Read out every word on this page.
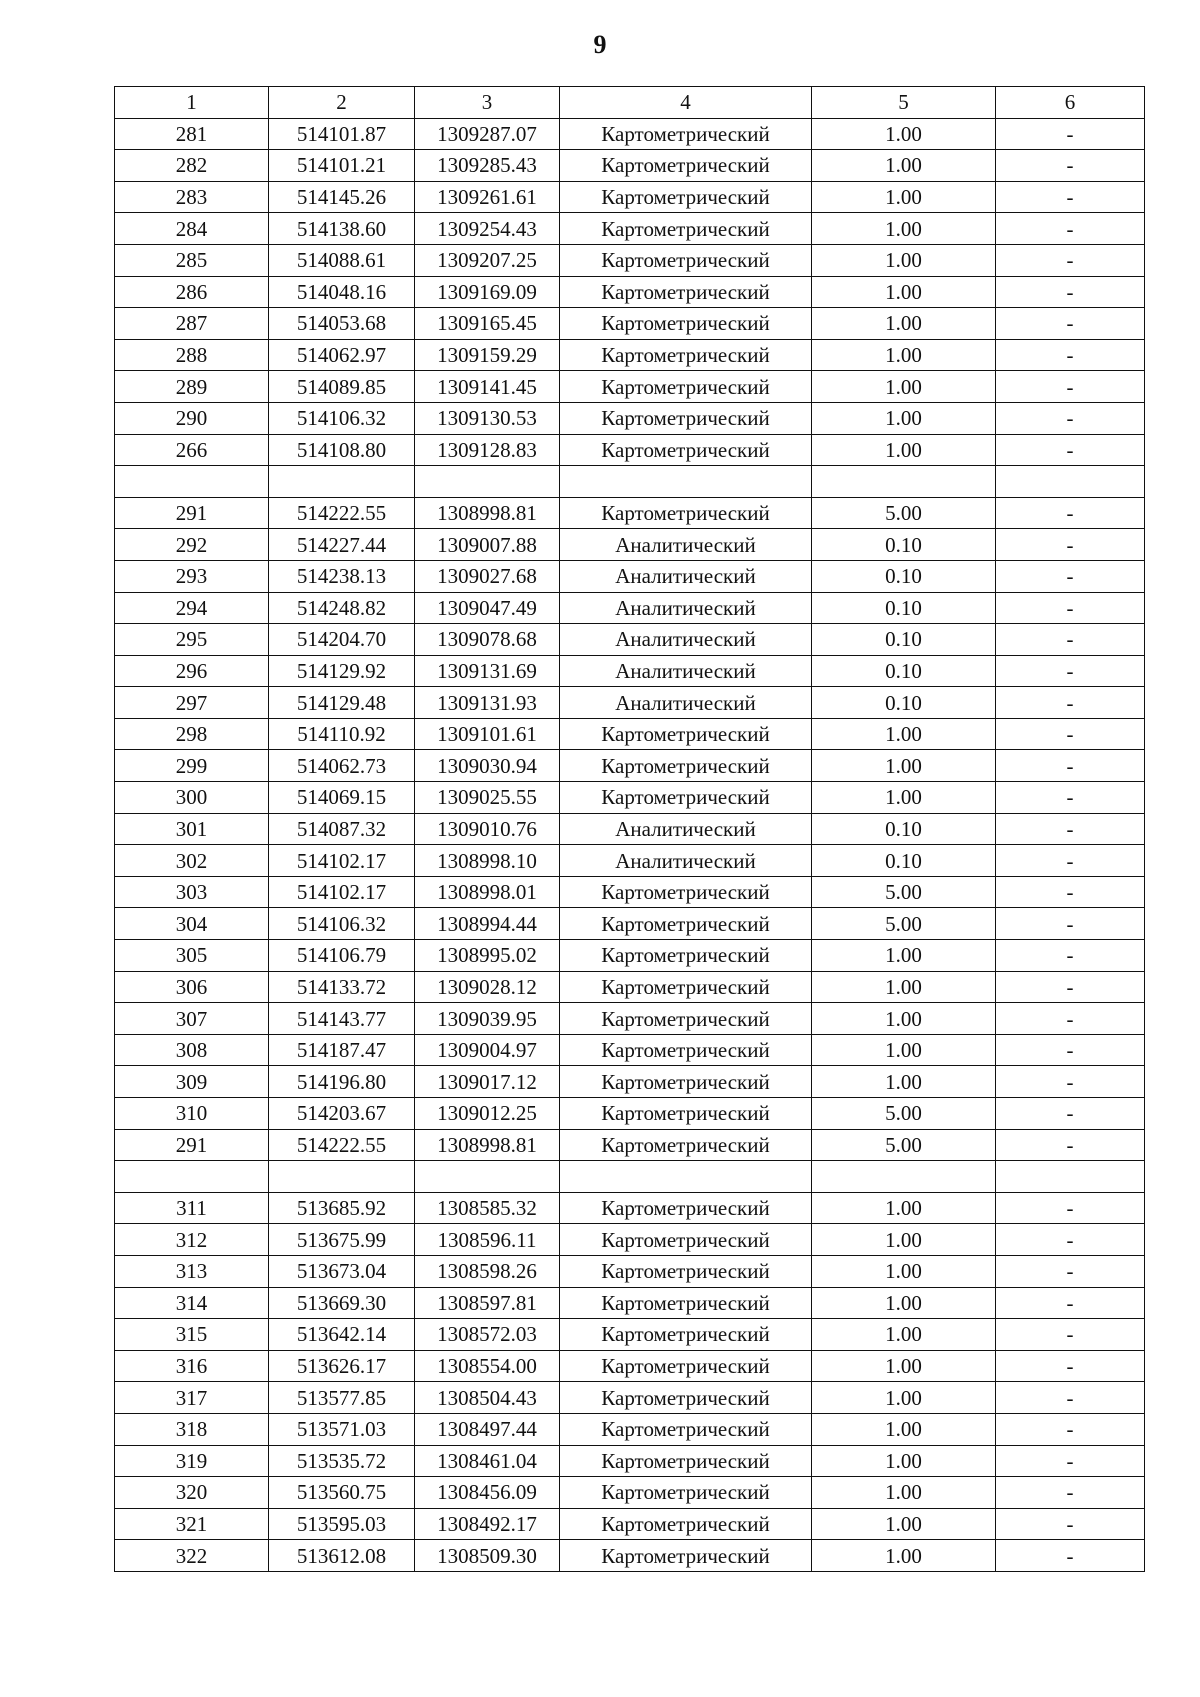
9
1	2	3	4	5	6
281	514101.87	1309287.07	Картометрический	1.00	-
282	514101.21	1309285.43	Картометрический	1.00	-
283	514145.26	1309261.61	Картометрический	1.00	-
284	514138.60	1309254.43	Картометрический	1.00	-
285	514088.61	1309207.25	Картометрический	1.00	-
286	514048.16	1309169.09	Картометрический	1.00	-
287	514053.68	1309165.45	Картометрический	1.00	-
288	514062.97	1309159.29	Картометрический	1.00	-
289	514089.85	1309141.45	Картометрический	1.00	-
290	514106.32	1309130.53	Картометрический	1.00	-
266	514108.80	1309128.83	Картометрический	1.00	-

291	514222.55	1308998.81	Картометрический	5.00	-
292	514227.44	1309007.88	Аналитический	0.10	-
293	514238.13	1309027.68	Аналитический	0.10	-
294	514248.82	1309047.49	Аналитический	0.10	-
295	514204.70	1309078.68	Аналитический	0.10	-
296	514129.92	1309131.69	Аналитический	0.10	-
297	514129.48	1309131.93	Аналитический	0.10	-
298	514110.92	1309101.61	Картометрический	1.00	-
299	514062.73	1309030.94	Картометрический	1.00	-
300	514069.15	1309025.55	Картометрический	1.00	-
301	514087.32	1309010.76	Аналитический	0.10	-
302	514102.17	1308998.10	Аналитический	0.10	-
303	514102.17	1308998.01	Картометрический	5.00	-
304	514106.32	1308994.44	Картометрический	5.00	-
305	514106.79	1308995.02	Картометрический	1.00	-
306	514133.72	1309028.12	Картометрический	1.00	-
307	514143.77	1309039.95	Картометрический	1.00	-
308	514187.47	1309004.97	Картометрический	1.00	-
309	514196.80	1309017.12	Картометрический	1.00	-
310	514203.67	1309012.25	Картометрический	5.00	-
291	514222.55	1308998.81	Картометрический	5.00	-

311	513685.92	1308585.32	Картометрический	1.00	-
312	513675.99	1308596.11	Картометрический	1.00	-
313	513673.04	1308598.26	Картометрический	1.00	-
314	513669.30	1308597.81	Картометрический	1.00	-
315	513642.14	1308572.03	Картометрический	1.00	-
316	513626.17	1308554.00	Картометрический	1.00	-
317	513577.85	1308504.43	Картометрический	1.00	-
318	513571.03	1308497.44	Картометрический	1.00	-
319	513535.72	1308461.04	Картометрический	1.00	-
320	513560.75	1308456.09	Картометрический	1.00	-
321	513595.03	1308492.17	Картометрический	1.00	-
322	513612.08	1308509.30	Картометрический	1.00	-
